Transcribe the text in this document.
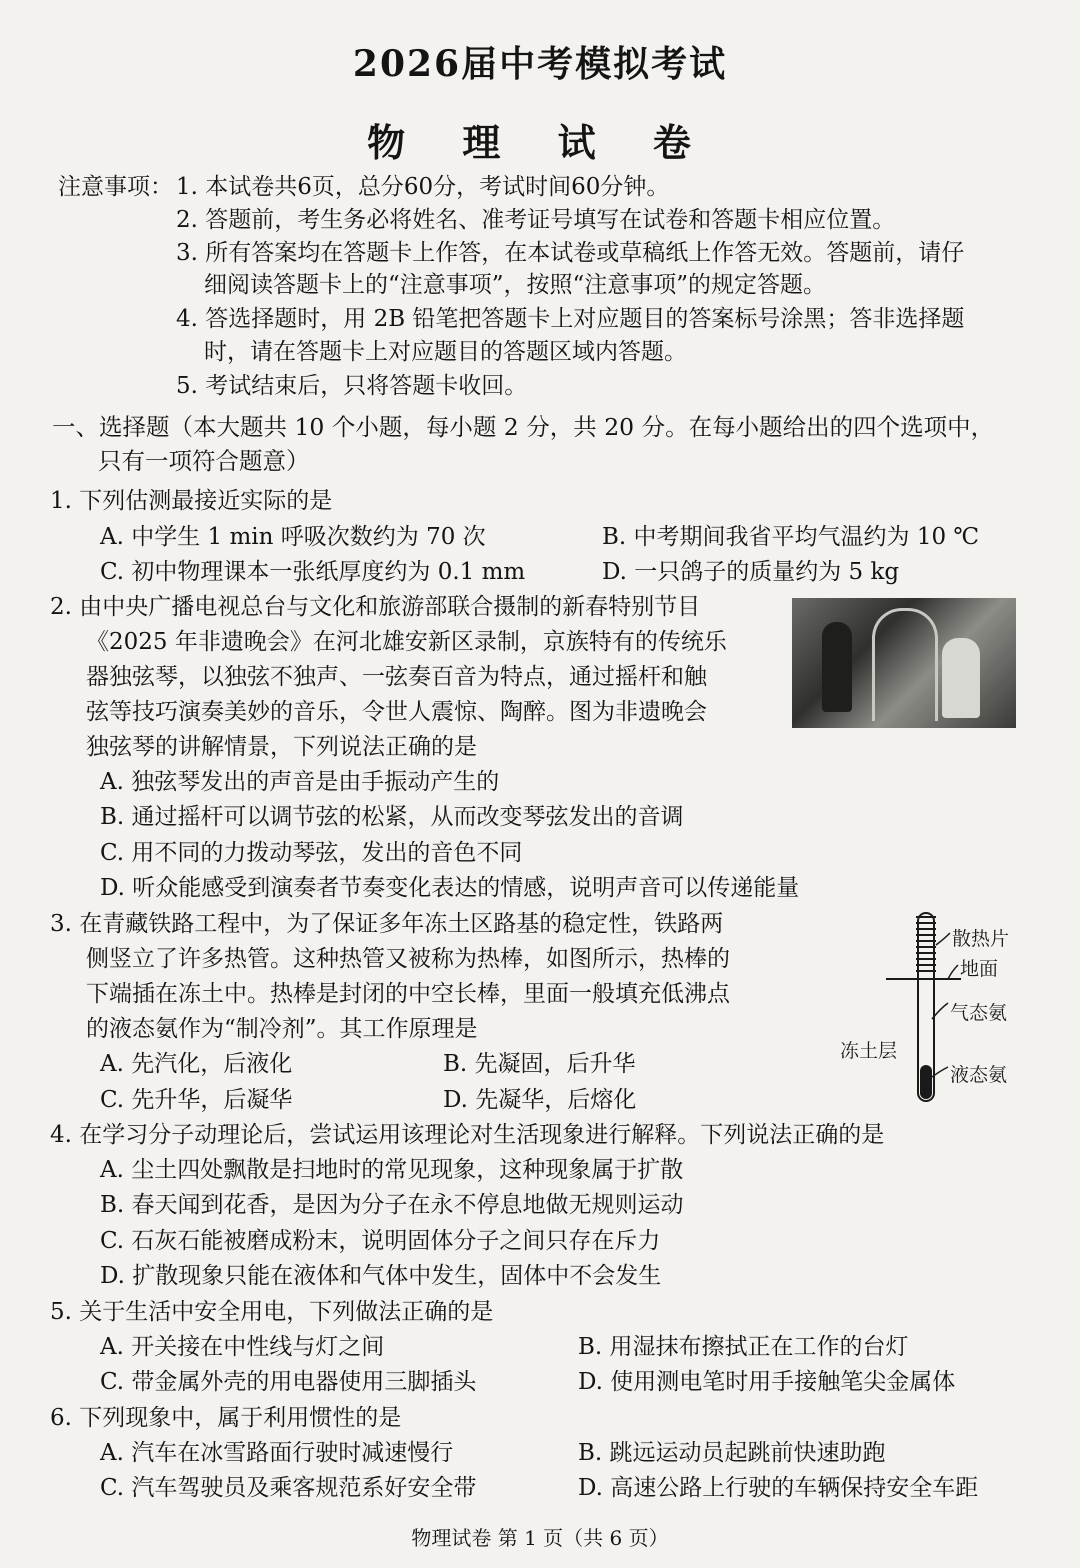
2026届中考模拟考试
物 理 试 卷
注意事项： 1. 本试卷共6页，总分60分，考试时间60分钟。
2. 答题前，考生务必将姓名、准考证号填写在试卷和答题卡相应位置。
3. 所有答案均在答题卡上作答，在本试卷或草稿纸上作答无效。答题前，请仔
细阅读答题卡上的“注意事项”，按照“注意事项”的规定答题。
4. 答选择题时，用 2B 铅笔把答题卡上对应题目的答案标号涂黑；答非选择题
时，请在答题卡上对应题目的答题区域内答题。
5. 考试结束后，只将答题卡收回。
一、选择题（本大题共 10 个小题，每小题 2 分，共 20 分。在每小题给出的四个选项中，
只有一项符合题意）
1. 下列估测最接近实际的是
A. 中学生 1 min 呼吸次数约为 70 次	B. 中考期间我省平均气温约为 10 ℃
C. 初中物理课本一张纸厚度约为 0.1 mm	D. 一只鸽子的质量约为 5 kg
2. 由中央广播电视总台与文化和旅游部联合摄制的新春特别节目
《2025 年非遗晚会》在河北雄安新区录制，京族特有的传统乐
器独弦琴，以独弦不独声、一弦奏百音为特点，通过摇杆和触
弦等技巧演奏美妙的音乐，令世人震惊、陶醉。图为非遗晚会
独弦琴的讲解情景，下列说法正确的是
A. 独弦琴发出的声音是由手振动产生的
B. 通过摇杆可以调节弦的松紧，从而改变琴弦发出的音调
C. 用不同的力拨动琴弦，发出的音色不同
D. 听众能感受到演奏者节奏变化表达的情感，说明声音可以传递能量
3. 在青藏铁路工程中，为了保证多年冻土区路基的稳定性，铁路两
侧竖立了许多热管。这种热管又被称为热棒，如图所示，热棒的
下端插在冻土中。热棒是封闭的中空长棒，里面一般填充低沸点
的液态氨作为“制冷剂”。其工作原理是
A. 先汽化，后液化	B. 先凝固，后升华
C. 先升华，后凝华	D. 先凝华，后熔化
散热片
地面
气态氨
冻土层
液态氨
4. 在学习分子动理论后，尝试运用该理论对生活现象进行解释。下列说法正确的是
A. 尘土四处飘散是扫地时的常见现象，这种现象属于扩散
B. 春天闻到花香，是因为分子在永不停息地做无规则运动
C. 石灰石能被磨成粉末，说明固体分子之间只存在斥力
D. 扩散现象只能在液体和气体中发生，固体中不会发生
5. 关于生活中安全用电，下列做法正确的是
A. 开关接在中性线与灯之间	B. 用湿抹布擦拭正在工作的台灯
C. 带金属外壳的用电器使用三脚插头	D. 使用测电笔时用手接触笔尖金属体
6. 下列现象中，属于利用惯性的是
A. 汽车在冰雪路面行驶时减速慢行	B. 跳远运动员起跳前快速助跑
C. 汽车驾驶员及乘客规范系好安全带	D. 高速公路上行驶的车辆保持安全车距
物理试卷 第 1 页（共 6 页）
